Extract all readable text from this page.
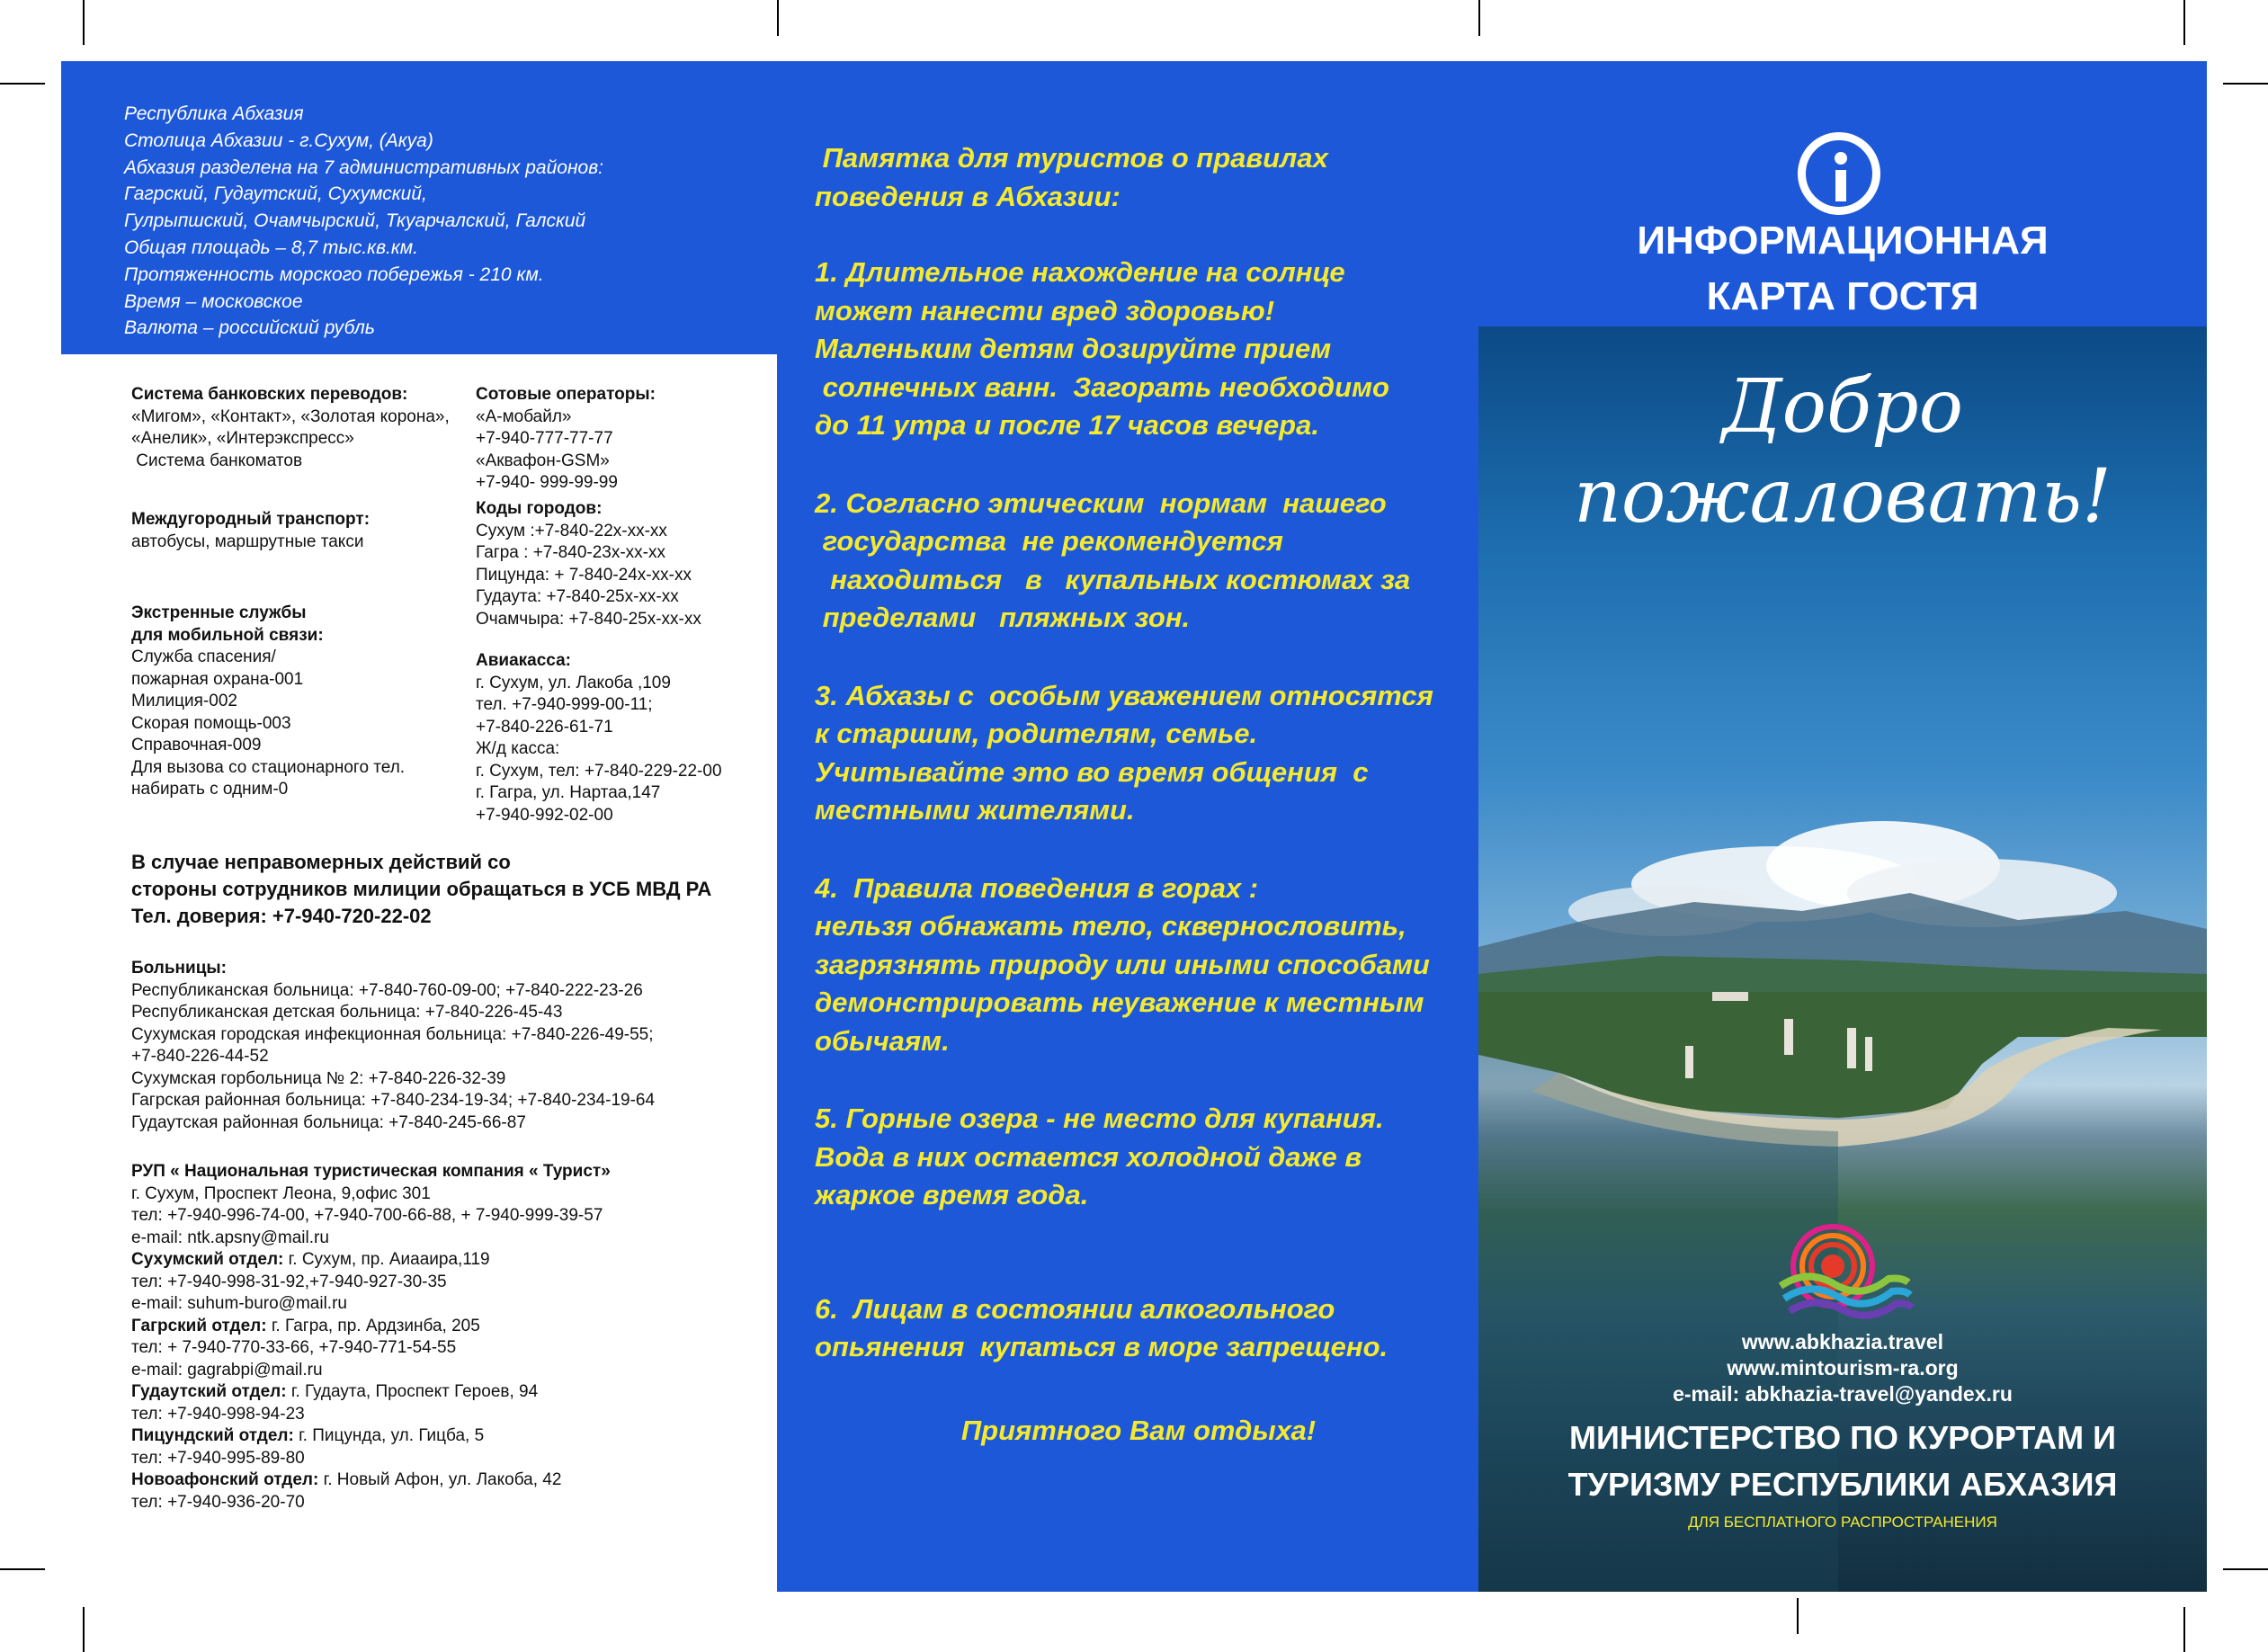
Республика Абхазия
Столица Абхазии - г.Сухум, (Акуа)
Абхазия разделена на 7 административных районов:
Гагрский, Гудаутский, Сухумский,
Гулрыпшский, Очамчырский, Ткуарчалский, Галский
Общая площадь – 8,7 тыс.кв.км.
Протяженность морского побережья - 210 км.
Время – московское
Валюта – российский рубль
Система банковских переводов:
«Мигом», «Контакт», «Золотая корона»,
«Анелик», «Интерэкспресс»
Система банкоматов
Междугородный транспорт:
автобусы, маршрутные такси
Экстренные службы
для мобильной связи:
Служба спасения/
пожарная охрана-001
Милиция-002
Скорая помощь-003
Справочная-009
Для вызова со стационарного тел.
набирать с одним-0
Сотовые операторы:
«А-мобайл»
+7-940-777-77-77
«Аквафон-GSM»
+7-940- 999-99-99
Коды городов:
Сухум :+7-840-22х-хх-хх
Гагра : +7-840-23х-хх-хх
Пицунда: + 7-840-24х-хх-хх
Гудаута: +7-840-25х-хх-хх
Очамчыра: +7-840-25х-хх-хх
Авиакасса:
г. Сухум, ул. Лакоба ,109
тел. +7-940-999-00-11;
+7-840-226-61-71
Ж/д касса:
г. Сухум, тел: +7-840-229-22-00
г. Гагра, ул. Нартаа,147
+7-940-992-02-00
В случае неправомерных действий со
стороны сотрудников милиции обращаться в УСБ МВД РА
Тел. доверия: +7-940-720-22-02
Больницы:
Республиканская больница: +7-840-760-09-00; +7-840-222-23-26
Республиканская детская больница: +7-840-226-45-43
Сухумская городская инфекционная больница: +7-840-226-49-55;
+7-840-226-44-52
Сухумская горбольница № 2: +7-840-226-32-39
Гагрская районная больница: +7-840-234-19-34; +7-840-234-19-64
Гудаутская районная больница: +7-840-245-66-87
РУП « Национальная туристическая компания « Турист»
г. Сухум, Проспект Леона, 9,офис 301
тел: +7-940-996-74-00, +7-940-700-66-88, + 7-940-999-39-57
e-mail: ntk.apsny@mail.ru
Сухумский отдел: г. Сухум, пр. Аиааира,119
тел: +7-940-998-31-92,+7-940-927-30-35
e-mail: suhum-buro@mail.ru
Гагрский отдел: г. Гагра, пр. Ардзинба, 205
тел: + 7-940-770-33-66, +7-940-771-54-55
e-mail: gagrabpi@mail.ru
Гудаутский отдел: г. Гудаута, Проспект Героев, 94
тел: +7-940-998-94-23
Пицундский отдел: г. Пицунда, ул. Гицба, 5
тел: +7-940-995-89-80
Новоафонский отдел: г. Новый Афон, ул. Лакоба, 42
тел: +7-940-936-20-70

Памятка для туристов о правилах

поведения в Абхазии:

1. Длительное нахождение на солнце

может нанести вред здоровью!

Маленьким детям дозируйте прием

солнечных ванн.  Загорать необходимо

до 11 утра и после 17 часов вечера.

2. Согласно этическим  нормам  нашего

государства  не рекомендуется

находиться   в   купальных костюмах за

пределами   пляжных зон.

3. Абхазы с  особым уважением относятся

к старшим, родителям, семье.

Учитывайте это во время общения  с

местными жителями.

4.  Правила поведения в горах :

нельзя обнажать тело, сквернословить,

загрязнять природу или иными способами

демонстрировать неуважение к местным

обычаям.

5. Горные озера - не место для купания.

Вода в них остается холодной даже в

жаркое время года.

6.  Лицам в состоянии алкогольного

опьянения  купаться в море запрещено.

Приятного Вам отдыха!
ИНФОРМАЦИОННАЯ
КАРТА ГОСТЯ
Добро пожаловать!
www.abkhazia.travel
www.mintourism-ra.org
e-mail: abkhazia-travel@yandex.ru
МИНИСТЕРСТВО ПО КУРОРТАМ И
ТУРИЗМУ РЕСПУБЛИКИ АБХАЗИЯ
ДЛЯ БЕСПЛАТНОГО РАСПРОСТРАНЕНИЯ
